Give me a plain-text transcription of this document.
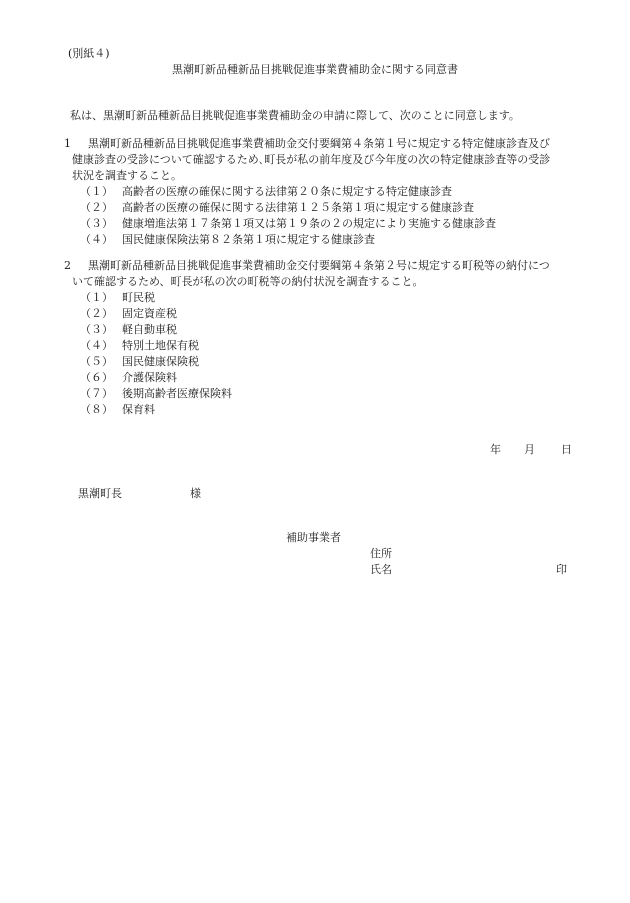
(別紙４)
黒潮町新品種新品目挑戦促進事業費補助金に関する同意書
私は、黒潮町新品種新品目挑戦促進事業費補助金の申請に際して、次のことに同意します。
1 黒潮町新品種新品目挑戦促進事業費補助金交付要綱第４条第１号に規定する特定健康診査及び
健康診査の受診について確認するため､町長が私の前年度及び今年度の次の特定健康診査等の受診
状況を調査すること。
（１） 高齢者の医療の確保に関する法律第２０条に規定する特定健康診査
（２） 高齢者の医療の確保に関する法律第１２５条第１項に規定する健康診査
（３） 健康増進法第１７条第１項又は第１９条の２の規定により実施する健康診査
（４） 国民健康保険法第８２条第１項に規定する健康診査
2 黒潮町新品種新品目挑戦促進事業費補助金交付要綱第４条第２号に規定する町税等の納付につ
いて確認するため、町長が私の次の町税等の納付状況を調査すること。
（１） 町民税
（２） 固定資産税
（３） 軽自動車税
（４） 特別土地保有税
（５） 国民健康保険税
（６） 介護保険料
（７） 後期高齢者医療保険料
（８） 保育料
年 月 日
黒潮町長	様
補助事業者
住所
氏名	印
